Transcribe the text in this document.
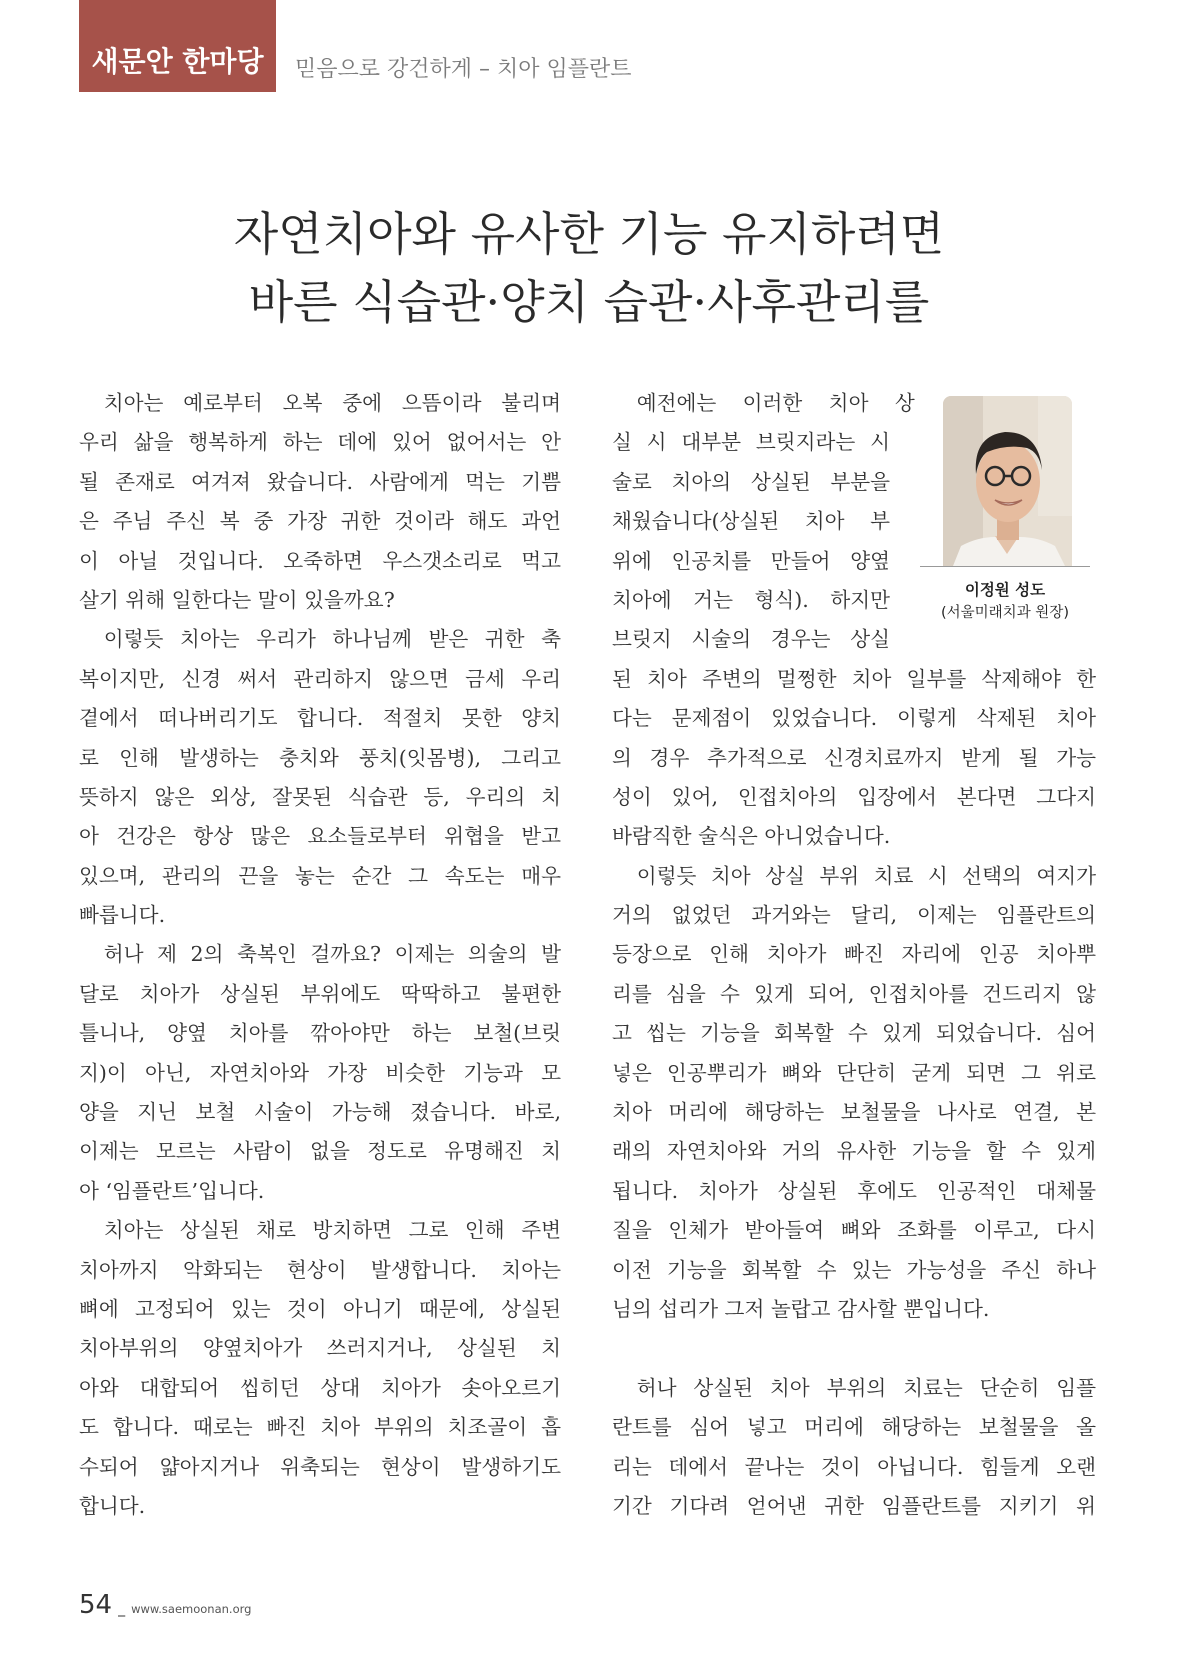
새문안 한마당	믿음으로 강건하게 – 치아 임플란트
자연치아와 유사한 기능 유지하려면
바른 식습관·양치 습관·사후관리를
치아는 예로부터 오복 중에 으뜸이라 불리며
우리 삶을 행복하게 하는 데에 있어 없어서는 안
될 존재로 여겨져 왔습니다. 사람에게 먹는 기쁨
은 주님 주신 복 중 가장 귀한 것이라 해도 과언
이 아닐 것입니다. 오죽하면 우스갯소리로 먹고
살기 위해 일한다는 말이 있을까요?
이렇듯 치아는 우리가 하나님께 받은 귀한 축
복이지만, 신경 써서 관리하지 않으면 금세 우리
곁에서 떠나버리기도 합니다. 적절치 못한 양치
로 인해 발생하는 충치와 풍치(잇몸병), 그리고
뜻하지 않은 외상, 잘못된 식습관 등, 우리의 치
아 건강은 항상 많은 요소들로부터 위협을 받고
있으며, 관리의 끈을 놓는 순간 그 속도는 매우
빠릅니다.
허나 제 2의 축복인 걸까요? 이제는 의술의 발
달로 치아가 상실된 부위에도 딱딱하고 불편한
틀니나, 양옆 치아를 깎아야만 하는 보철(브릿
지)이 아닌, 자연치아와 가장 비슷한 기능과 모
양을 지닌 보철 시술이 가능해 졌습니다. 바로,
이제는 모르는 사람이 없을 정도로 유명해진 치
아 ‘임플란트’입니다.
치아는 상실된 채로 방치하면 그로 인해 주변
치아까지 악화되는 현상이 발생합니다. 치아는
뼈에 고정되어 있는 것이 아니기 때문에, 상실된
치아부위의 양옆치아가 쓰러지거나, 상실된 치
아와 대합되어 씹히던 상대 치아가 솟아오르기
도 합니다. 때로는 빠진 치아 부위의 치조골이 흡
수되어 얇아지거나 위축되는 현상이 발생하기도
합니다.
예전에는 이러한 치아 상
실 시 대부분 브릿지라는 시
술로 치아의 상실된 부분을
채웠습니다(상실된 치아 부
위에 인공치를 만들어 양옆
치아에 거는 형식). 하지만
브릿지 시술의 경우는 상실
된 치아 주변의 멀쩡한 치아 일부를 삭제해야 한
다는 문제점이 있었습니다. 이렇게 삭제된 치아
의 경우 추가적으로 신경치료까지 받게 될 가능
성이 있어, 인접치아의 입장에서 본다면 그다지
바람직한 술식은 아니었습니다.
이렇듯 치아 상실 부위 치료 시 선택의 여지가
거의 없었던 과거와는 달리, 이제는 임플란트의
등장으로 인해 치아가 빠진 자리에 인공 치아뿌
리를 심을 수 있게 되어, 인접치아를 건드리지 않
고 씹는 기능을 회복할 수 있게 되었습니다. 심어
넣은 인공뿌리가 뼈와 단단히 굳게 되면 그 위로
치아 머리에 해당하는 보철물을 나사로 연결, 본
래의 자연치아와 거의 유사한 기능을 할 수 있게
됩니다. 치아가 상실된 후에도 인공적인 대체물
질을 인체가 받아들여 뼈와 조화를 이루고, 다시
이전 기능을 회복할 수 있는 가능성을 주신 하나
님의 섭리가 그저 놀랍고 감사할 뿐입니다.
허나 상실된 치아 부위의 치료는 단순히 임플
란트를 심어 넣고 머리에 해당하는 보철물을 올
리는 데에서 끝나는 것이 아닙니다. 힘들게 오랜
기간 기다려 얻어낸 귀한 임플란트를 지키기 위
이정원 성도
(서울미래치과 원장)
54 _ www.saemoonan.org
